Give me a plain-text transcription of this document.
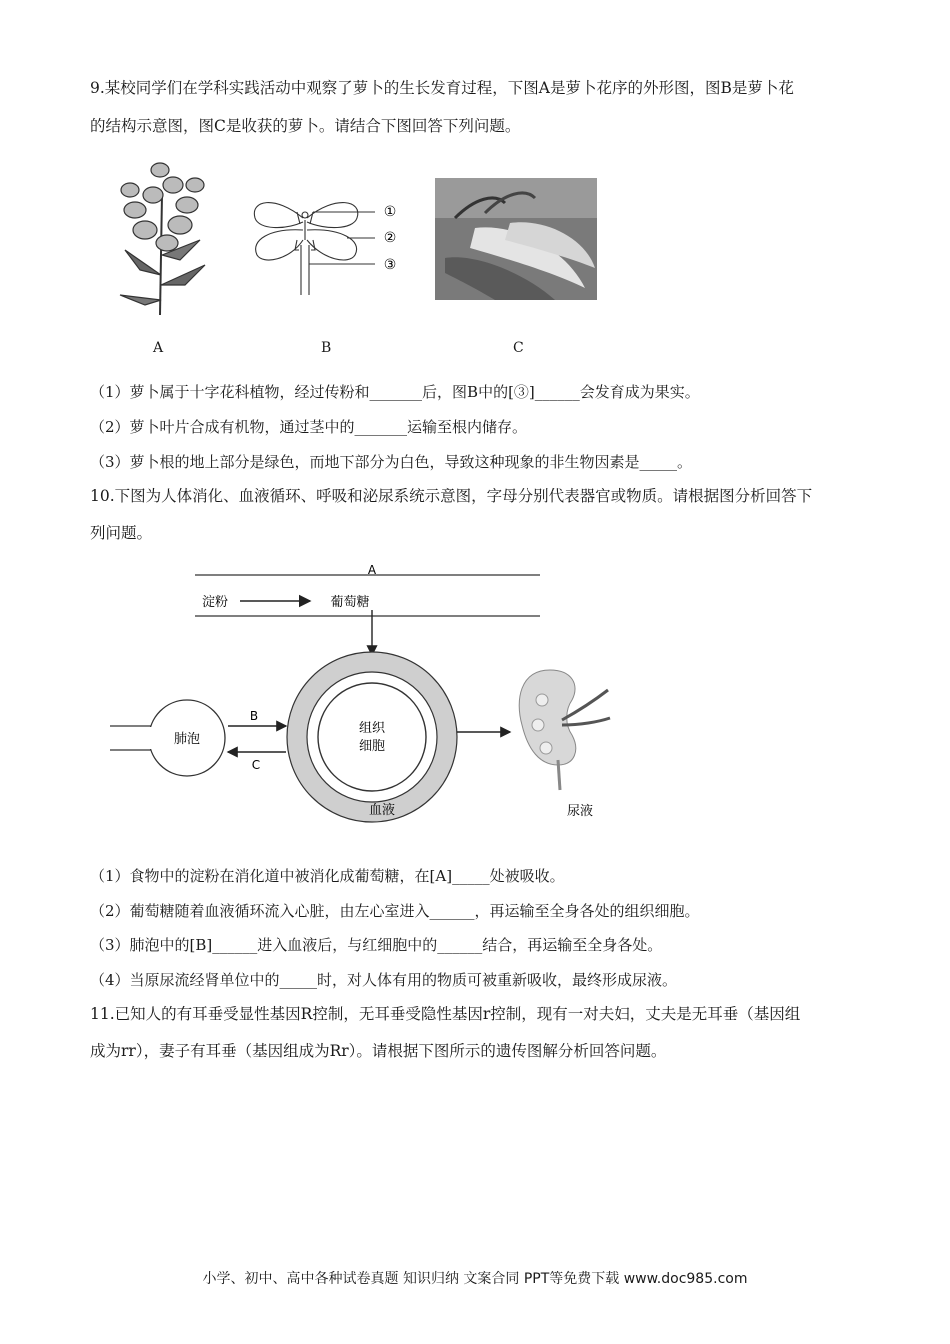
9.某校同学们在学科实践活动中观察了萝卜的生长发育过程，下图A是萝卜花序的外形图，图B是萝卜花
的结构示意图，图C是收获的萝卜。请结合下图回答下列问题。
①
②
③
A	B	C
（1）萝卜属于十字花科植物，经过传粉和_______后，图B中的[③]______会发育成为果实。
（2）萝卜叶片合成有机物，通过茎中的_______运输至根内储存。
（3）萝卜根的地上部分是绿色，而地下部分为白色，导致这种现象的非生物因素是_____。
10.下图为人体消化、血液循环、呼吸和泌尿系统示意图，字母分别代表器官或物质。请根据图分析回答下
列问题。
A
淀粉	葡萄糖
组织
细胞
血液
肺泡
B
C
尿液
（1）食物中的淀粉在消化道中被消化成葡萄糖，在[A]_____处被吸收。
（2）葡萄糖随着血液循环流入心脏，由左心室进入______，再运输至全身各处的组织细胞。
（3）肺泡中的[B]______进入血液后，与红细胞中的______结合，再运输至全身各处。
（4）当原尿流经肾单位中的_____时，对人体有用的物质可被重新吸收，最终形成尿液。
11.已知人的有耳垂受显性基因R控制，无耳垂受隐性基因r控制，现有一对夫妇，丈夫是无耳垂（基因组
成为rr），妻子有耳垂（基因组成为Rr）。请根据下图所示的遗传图解分析回答问题。
小学、初中、高中各种试卷真题 知识归纳 文案合同 PPT等免费下载 www.doc985.com
